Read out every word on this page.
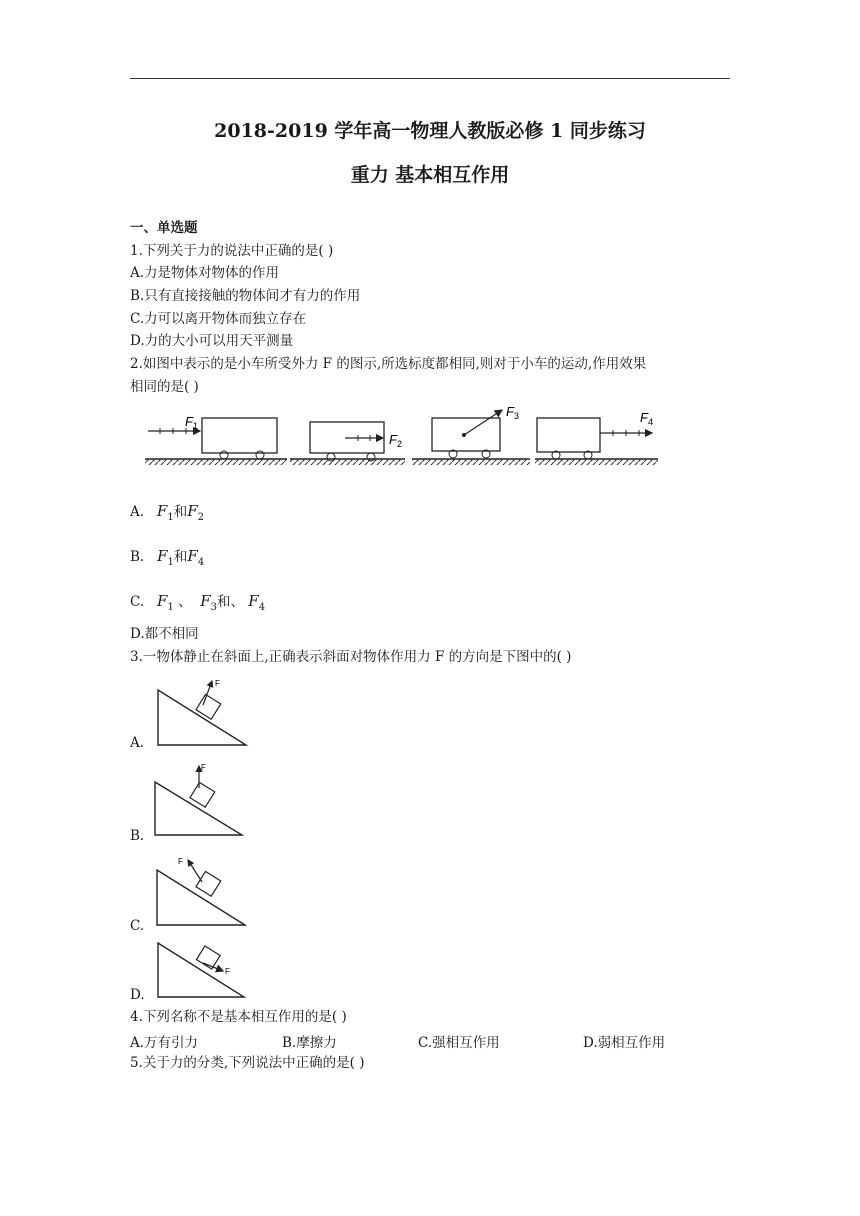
2018-2019 学年高一物理人教版必修 1 同步练习
重力 基本相互作用
一、单选题
1.下列关于力的说法中正确的是( )
A.力是物体对物体的作用
B.只有直接接触的物体间才有力的作用
C.力可以离开物体而独立存在
D.力的大小可以用天平测量
2.如图中表示的是小车所受外力 F 的图示,所选标度都相同,则对于小车的运动,作用效果
相同的是( )
$F_1$
$F_2$
$F_3$	$F_4$
A. $F_1$和$F_2$
B. $F_1$和$F_4$
C. $F_1$ 、 $F_3$和、 $F_4$
D.都不相同
3.一物体静止在斜面上,正确表示斜面对物体作用力 F 的方向是下图中的( )
A.
F
B.
F
C.
F
D.
F
4.下列名称不是基本相互作用的是( )
A.万有引力	B.摩擦力	C.强相互作用	D.弱相互作用
5.关于力的分类,下列说法中正确的是( )
